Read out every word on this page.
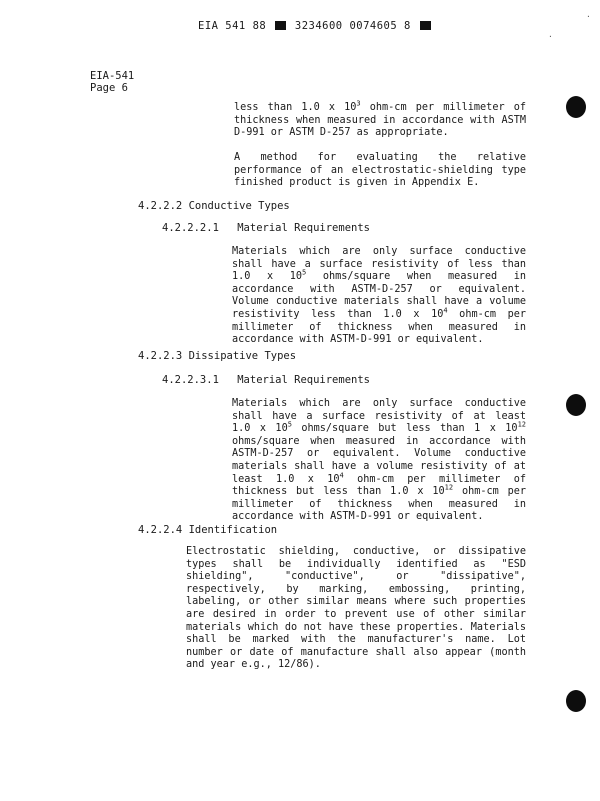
EIA 541 88	3234600 0074605 8
·
·
EIA-541
Page 6

less than 1.0 x $10^3$ ohm-cm per millimeter of thickness when measured in accordance with ASTM D-991 or ASTM D-257 as appropriate.

A method for evaluating the relative performance of an electrostatic-shielding type finished product is given in Appendix E.

4.2.2.2 Conductive Types
4.2.2.2.1 Material Requirements

Materials which are only surface conductive shall have a surface resistivity of less than 1.0 x $10^5$ ohms/square when measured in accordance with ASTM-D-257 or equivalent. Volume conductive materials shall have a volume resistivity less than 1.0 x $10^4$ ohm-cm per millimeter of thickness when measured in accordance with ASTM-D-991 or equivalent.

4.2.2.3 Dissipative Types
4.2.2.3.1 Material Requirements

Materials which are only surface conductive shall have a surface resistivity of at least 1.0 x $10^5$ ohms/square but less than 1 x $10^{12}$ ohms/square when measured in accordance with ASTM-D-257 or equivalent. Volume conductive materials shall have a volume resistivity of at least 1.0 x $10^4$ ohm-cm per millimeter of thickness but less than 1.0 x $10^{12}$ ohm-cm per millimeter of thickness when measured in accordance with ASTM-D-991 or equivalent.

4.2.2.4 Identification

Electrostatic shielding, conductive, or dissipative types shall be individually identified as "ESD shielding", "conductive", or "dissipative", respectively, by marking, embossing, printing, labeling, or other similar means where such properties are desired in order to prevent use of other similar materials which do not have these properties. Materials shall be marked with the manufacturer's name. Lot number or date of manufacture shall also appear (month and year e.g., 12/86).
